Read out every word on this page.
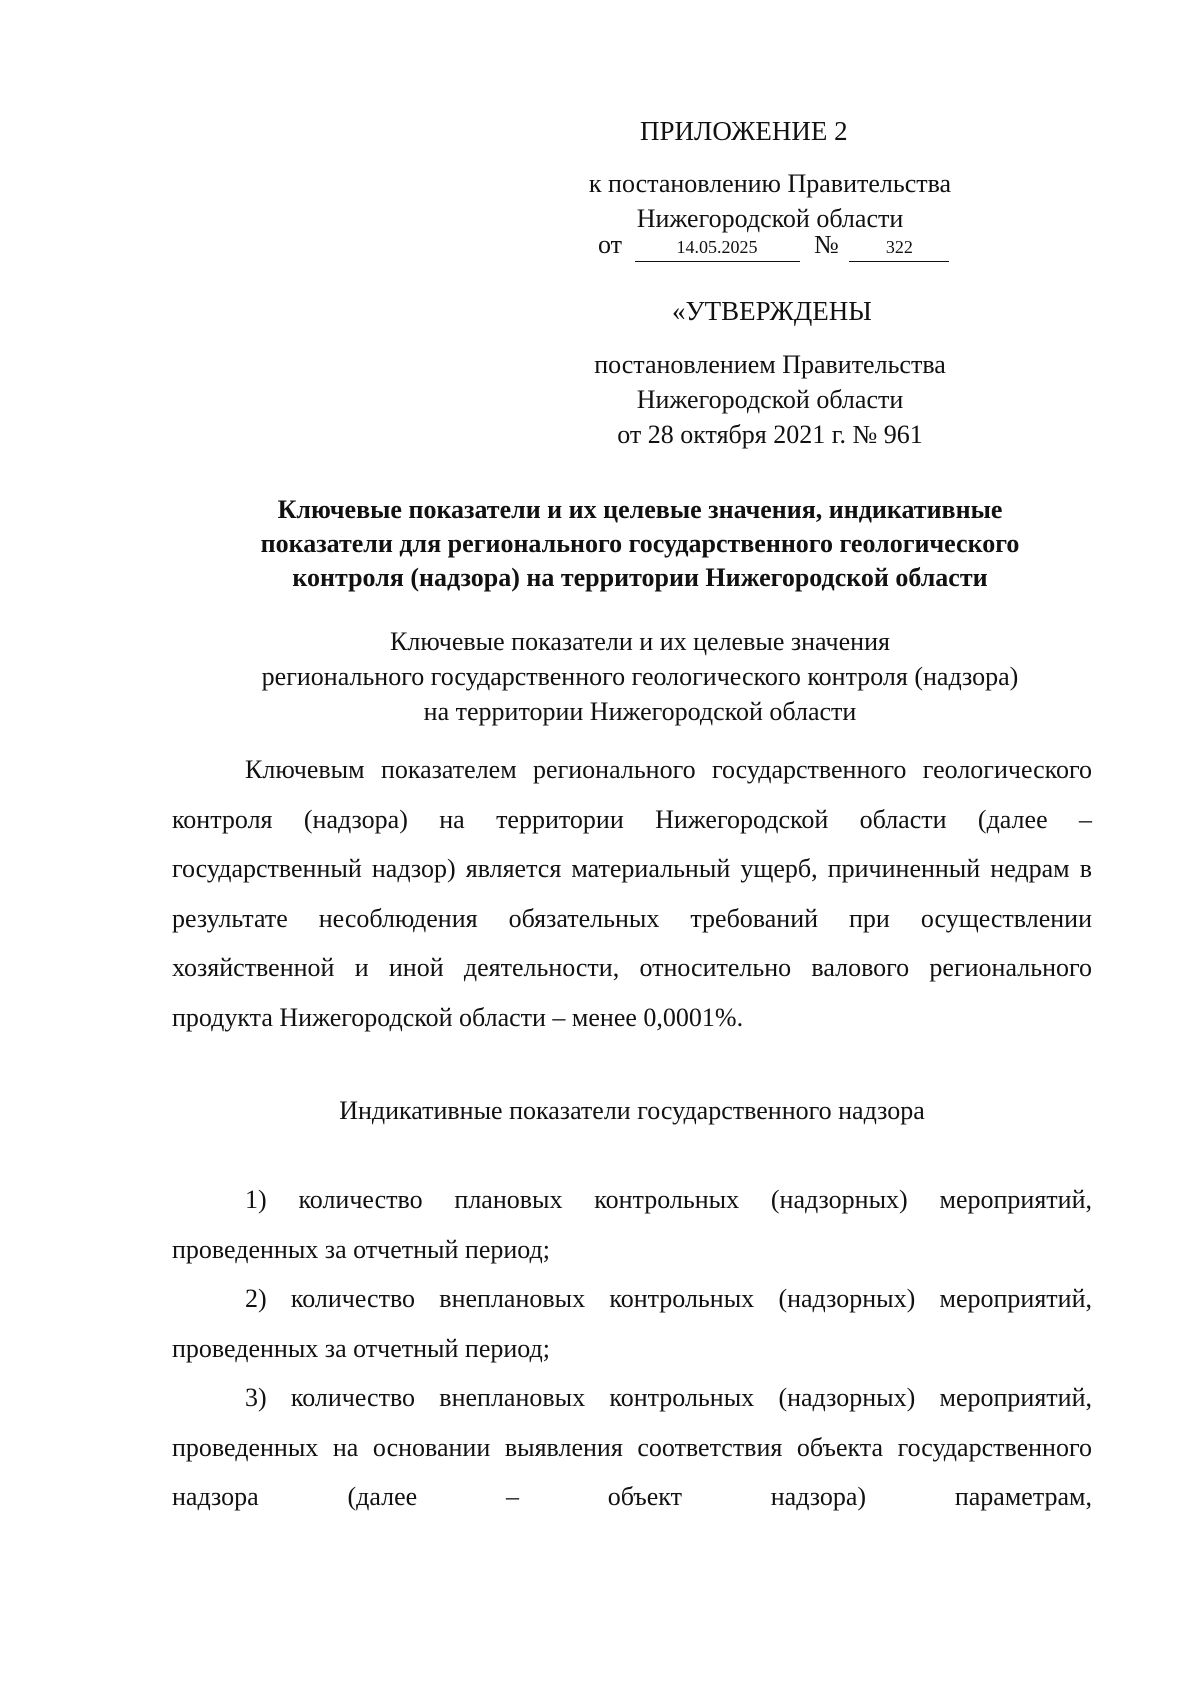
ПРИЛОЖЕНИЕ 2
к постановлению Правительства
Нижегородской области
от	14.05.2025 №	322
«УТВЕРЖДЕНЫ
постановлением Правительства
Нижегородской области
от 28 октября 2021 г. № 961
Ключевые показатели и их целевые значения, индикативные
показатели для регионального государственного геологического
контроля (надзора) на территории Нижегородской области
Ключевые показатели и их целевые значения
регионального государственного геологического контроля (надзора)
на территории Нижегородской области
Ключевым показателем регионального государственного геологического контроля (надзора) на территории Нижегородской области (далее – государственный надзор) является материальный ущерб, причиненный недрам в результате несоблюдения обязательных требований при осуществлении хозяйственной и иной деятельности, относительно валового регионального продукта Нижегородской области – менее 0,0001%.
Индикативные показатели государственного надзора
1) количество плановых контрольных (надзорных) мероприятий, проведенных за отчетный период;
2) количество внеплановых контрольных (надзорных) мероприятий, проведенных за отчетный период;
3) количество внеплановых контрольных (надзорных) мероприятий, проведенных на основании выявления соответствия объекта государственного надзора (далее – объект надзора) параметрам,
